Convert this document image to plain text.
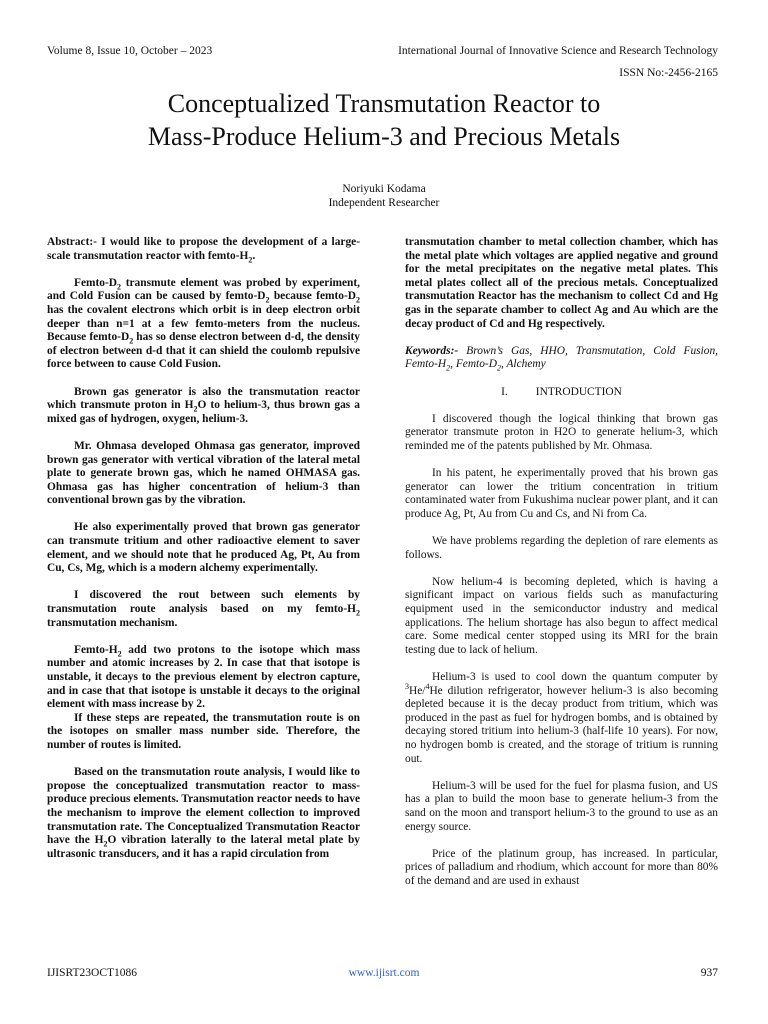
Volume 8, Issue 10, October – 2023	International Journal of Innovative Science and Research Technology
ISSN No:-2456-2165
Conceptualized Transmutation Reactor to
Mass-Produce Helium-3 and Precious Metals
Noriyuki Kodama
Independent Researcher

Abstract:- I would like to propose the development of a large-scale transmutation reactor with femto-$H_2$.

Femto-$D_2$ transmute element was probed by experiment, and Cold Fusion can be caused by femto-$D_2$ because femto-$D_2$ has the covalent electrons which orbit is in deep electron orbit deeper than n=1 at a few femto-meters from the nucleus. Because femto-$D_2$ has so dense electron between d-d, the density of electron between d-d that it can shield the coulomb repulsive force between to cause Cold Fusion.

Brown gas generator is also the transmutation reactor which transmute proton in $H_2O$ to helium-3, thus brown gas a mixed gas of hydrogen, oxygen, helium-3.

Mr. Ohmasa developed Ohmasa gas generator, improved brown gas generator with vertical vibration of the lateral metal plate to generate brown gas, which he named OHMASA gas. Ohmasa gas has higher concentration of helium-3 than conventional brown gas by the vibration.

He also experimentally proved that brown gas generator can transmute tritium and other radioactive element to saver element, and we should note that he produced Ag, Pt, Au from Cu, Cs, Mg, which is a modern alchemy experimentally.

I discovered the rout between such elements by transmutation route analysis based on my femto-$H_2$ transmutation mechanism.

Femto-$H_2$ add two protons to the isotope which mass number and atomic increases by 2. In case that that isotope is unstable, it decays to the previous element by electron capture, and in case that that isotope is unstable it decays to the original element with mass increase by 2.

If these steps are repeated, the transmutation route is on the isotopes on smaller mass number side. Therefore, the number of routes is limited.

Based on the transmutation route analysis, I would like to propose the conceptualized transmutation reactor to mass-produce precious elements. Transmutation reactor needs to have the mechanism to improve the element collection to improved transmutation rate. The Conceptualized Transmutation Reactor have the $H_2O$ vibration laterally to the lateral metal plate by ultrasonic transducers, and it has a rapid circulation from

transmutation chamber to metal collection chamber, which has the metal plate which voltages are applied negative and ground for the metal precipitates on the negative metal plates. This metal plates collect all of the precious metals. Conceptualized transmutation Reactor has the mechanism to collect Cd and Hg gas in the separate chamber to collect Ag and Au which are the decay product of Cd and Hg respectively.

Keywords:- Brown’s Gas, HHO, Transmutation, Cold Fusion, Femto-$H_2$, Femto-$D_2$, Alchemy

I. INTRODUCTION

I discovered though the logical thinking that brown gas generator transmute proton in H2O to generate helium-3, which reminded me of the patents published by Mr. Ohmasa.

In his patent, he experimentally proved that his brown gas generator can lower the tritium concentration in tritium contaminated water from Fukushima nuclear power plant, and it can produce Ag, Pt, Au from Cu and Cs, and Ni from Ca.

We have problems regarding the depletion of rare elements as follows.

Now helium-4 is becoming depleted, which is having a significant impact on various fields such as manufacturing equipment used in the semiconductor industry and medical applications. The helium shortage has also begun to affect medical care. Some medical center stopped using its MRI for the brain testing due to lack of helium.

Helium-3 is used to cool down the quantum computer by $^3$He/$^4$He dilution refrigerator, however helium-3 is also becoming depleted because it is the decay product from tritium, which was produced in the past as fuel for hydrogen bombs, and is obtained by decaying stored tritium into helium-3 (half-life 10 years). For now, no hydrogen bomb is created, and the storage of tritium is running out.

Helium-3 will be used for the fuel for plasma fusion, and US has a plan to build the moon base to generate helium-3 from the sand on the moon and transport helium-3 to the ground to use as an energy source.

Price of the platinum group, has increased. In particular, prices of palladium and rhodium, which account for more than 80% of the demand and are used in exhaust

IJISRT23OCT1086	www.ijisrt.com	937
